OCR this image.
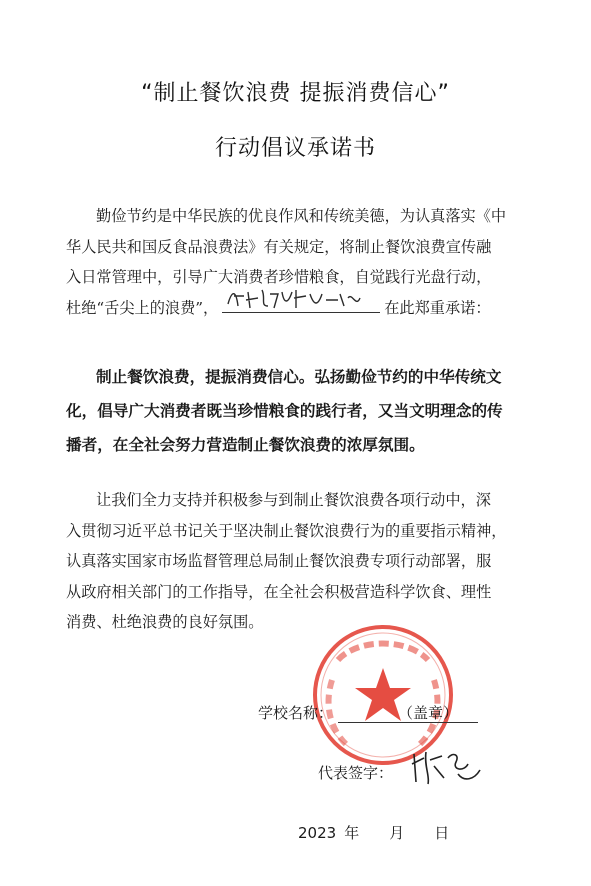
“制止餐饮浪费 提振消费信心”
行动倡议承诺书
勤俭节约是中华民族的优良作风和传统美德，为认真落实《中
华人民共和国反食品浪费法》有关规定，将制止餐饮浪费宣传融
入日常管理中，引导广大消费者珍惜粮食，自觉践行光盘行动，
杜绝“舌尖上的浪费”，	在此郑重承诺：
制止餐饮浪费，提振消费信心。弘扬勤俭节约的中华传统文
化，倡导广大消费者既当珍惜粮食的践行者，又当文明理念的传
播者，在全社会努力营造制止餐饮浪费的浓厚氛围。
让我们全力支持并积极参与到制止餐饮浪费各项行动中，深
入贯彻习近平总书记关于坚决制止餐饮浪费行为的重要指示精神，
认真落实国家市场监督管理总局制止餐饮浪费专项行动部署，服
从政府相关部门的工作指导，在全社会积极营造科学饮食、理性
消费、杜绝浪费的良好氛围。
学校名称：	（盖章）
代表签字：
2023 年 月 日
